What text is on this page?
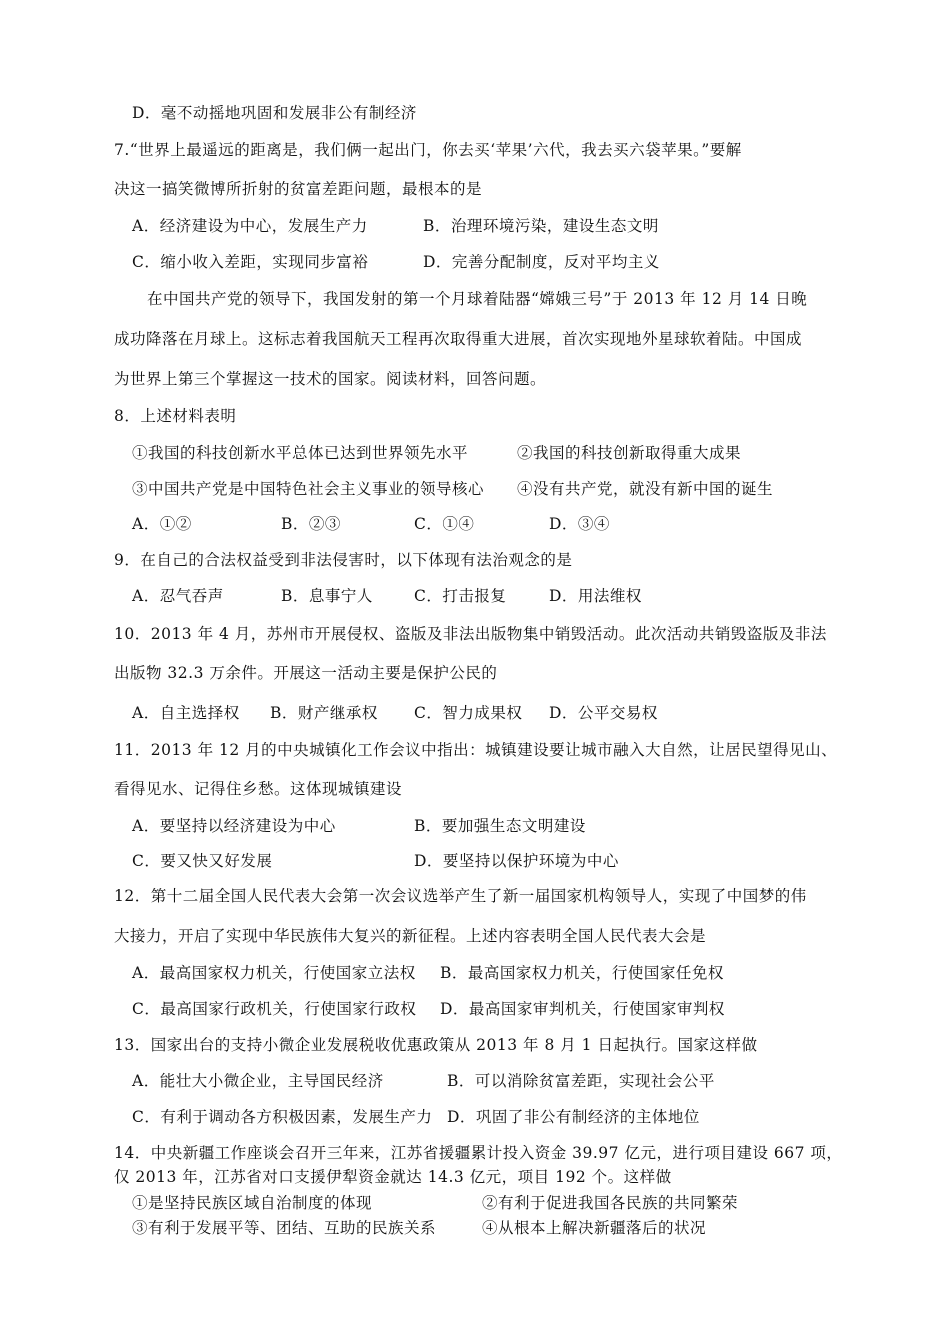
D．毫不动摇地巩固和发展非公有制经济
7.“世界上最遥远的距离是，我们俩一起出门，你去买‘苹果’六代，我去买六袋苹果。”要解
决这一搞笑微博所折射的贫富差距问题，最根本的是
A．经济建设为中心，发展生产力	B．治理环境污染，建设生态文明
C．缩小收入差距，实现同步富裕	D．完善分配制度，反对平均主义
在中国共产党的领导下，我国发射的第一个月球着陆器“嫦娥三号”于 2013 年 12 月 14 日晚
成功降落在月球上。这标志着我国航天工程再次取得重大进展，首次实现地外星球软着陆。中国成
为世界上第三个掌握这一技术的国家。阅读材料，回答问题。
8．上述材料表明
①我国的科技创新水平总体已达到世界领先水平	②我国的科技创新取得重大成果
③中国共产党是中国特色社会主义事业的领导核心 ④没有共产党，就没有新中国的诞生
A．①②	B．②③	C．①④	D．③④
9．在自己的合法权益受到非法侵害时，以下体现有法治观念的是
A．忍气吞声	B．息事宁人	C．打击报复	D．用法维权
10．2013 年 4 月，苏州市开展侵权、盗版及非法出版物集中销毁活动。此次活动共销毁盗版及非法
出版物 32.3 万余件。开展这一活动主要是保护公民的
A．自主选择权 B．财产继承权 C．智力成果权 D．公平交易权
11．2013 年 12 月的中央城镇化工作会议中指出：城镇建设要让城市融入大自然，让居民望得见山、
看得见水、记得住乡愁。这体现城镇建设
A．要坚持以经济建设为中心	B．要加强生态文明建设
C．要又快又好发展	D．要坚持以保护环境为中心
12．第十二届全国人民代表大会第一次会议选举产生了新一届国家机构领导人，实现了中国梦的伟
大接力，开启了实现中华民族伟大复兴的新征程。上述内容表明全国人民代表大会是
A．最高国家权力机关，行使国家立法权 B．最高国家权力机关，行使国家任免权
C．最高国家行政机关，行使国家行政权 D．最高国家审判机关，行使国家审判权
13．国家出台的支持小微企业发展税收优惠政策从 2013 年 8 月 1 日起执行。国家这样做
A．能壮大小微企业，主导国民经济	B．可以消除贫富差距，实现社会公平
C．有利于调动各方积极因素，发展生产力 D．巩固了非公有制经济的主体地位
14．中央新疆工作座谈会召开三年来，江苏省援疆累计投入资金 39.97 亿元，进行项目建设 667 项，
仅 2013 年，江苏省对口支援伊犁资金就达 14.3 亿元，项目 192 个。这样做
①是坚持民族区域自治制度的体现	②有利于促进我国各民族的共同繁荣
③有利于发展平等、团结、互助的民族关系	④从根本上解决新疆落后的状况
